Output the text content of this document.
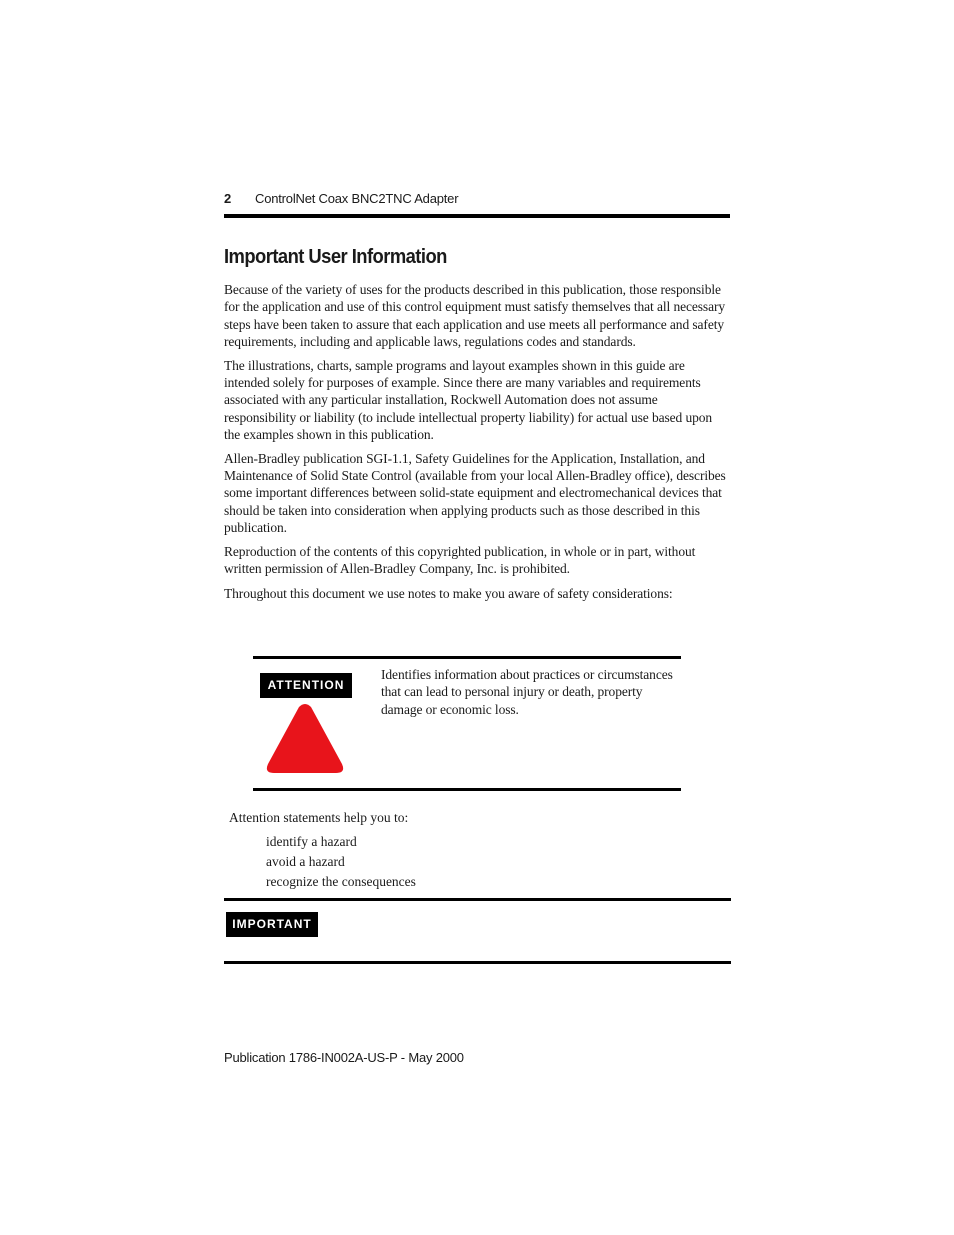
2 ControlNet Coax BNC2TNC Adapter
Important User Information

Because of the variety of uses for the products described in this publication, those responsible for the application and use of this control equipment must satisfy themselves that all necessary steps have been taken to assure that each application and use meets all performance and safety requirements, including and applicable laws, regulations codes and standards.

The illustrations, charts, sample programs and layout examples shown in this guide are intended solely for purposes of example. Since there are many variables and requirements associated with any particular installation, Rockwell Automation does not assume responsibility or liability (to include intellectual property liability) for actual use based upon the examples shown in this publication.

Allen-Bradley publication SGI-1.1, Safety Guidelines for the Application, Installation, and Maintenance of Solid State Control (available from your local Allen-Bradley office), describes some important differences between solid-state equipment and electromechanical devices that should be taken into consideration when applying products such as those described in this publication.

Reproduction of the contents of this copyrighted publication, in whole or in part, without written permission of Allen-Bradley Company, Inc. is prohibited.

Throughout this document we use notes to make you aware of safety considerations:

ATTENTION
Identifies information about practices or circumstances that can lead to personal injury or death, property damage or economic loss.
Attention statements help you to:
identify a hazard
avoid a hazard
recognize the consequences
IMPORTANT
Publication 1786-IN002A-US-P - May 2000
